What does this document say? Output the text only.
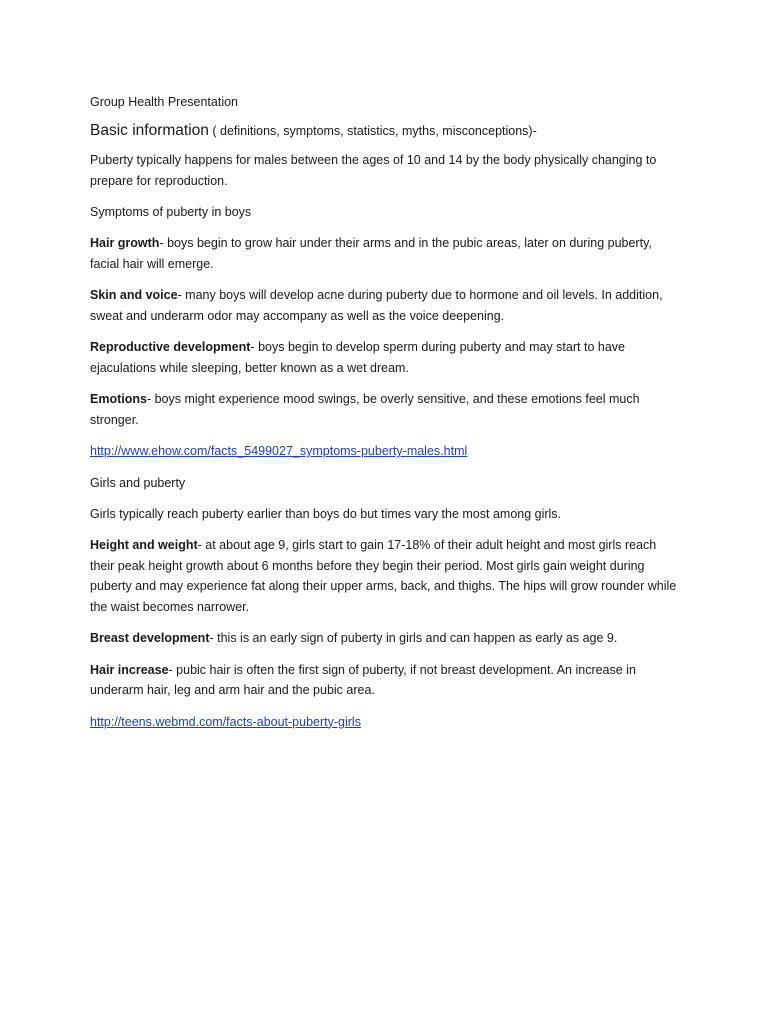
Group Health Presentation
Basic information ( definitions, symptoms, statistics, myths, misconceptions)-

Puberty typically happens for males between the ages of 10 and 14 by the body physically changing to prepare for reproduction.

Symptoms of puberty in boys

Hair growth- boys begin to grow hair under their arms and in the pubic areas, later on during puberty, facial hair will emerge.

Skin and voice- many boys will develop acne during puberty due to hormone and oil levels. In addition, sweat and underarm odor may accompany as well as the voice deepening.

Reproductive development- boys begin to develop sperm during puberty and may start to have ejaculations while sleeping, better known as a wet dream.

Emotions- boys might experience mood swings, be overly sensitive, and these emotions feel much stronger.

http://www.ehow.com/facts_5499027_symptoms-puberty-males.html

Girls and puberty

Girls typically reach puberty earlier than boys do but times vary the most among girls.

Height and weight- at about age 9, girls start to gain 17-18% of their adult height and most girls reach their peak height growth about 6 months before they begin their period. Most girls gain weight during puberty and may experience fat along their upper arms, back, and thighs. The hips will grow rounder while the waist becomes narrower.

Breast development- this is an early sign of puberty in girls and can happen as early as age 9.

Hair increase- pubic hair is often the first sign of puberty, if not breast development. An increase in underarm hair, leg and arm hair and the pubic area.

http://teens.webmd.com/facts-about-puberty-girls
